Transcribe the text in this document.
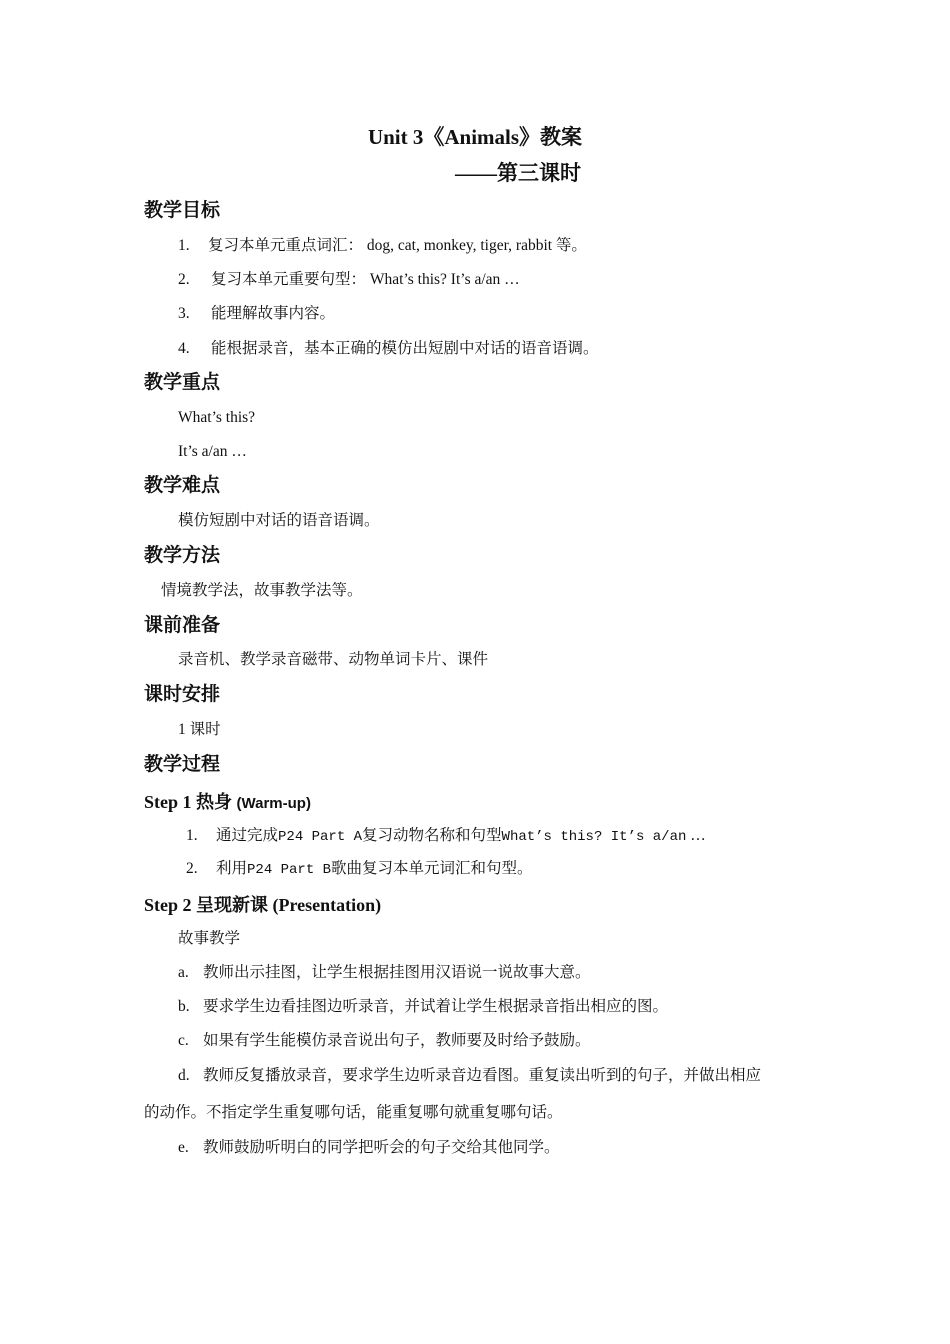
Unit 3《Animals》教案
——第三课时
教学目标
1. 复习本单元重点词汇： dog, cat, monkey, tiger, rabbit 等。
2. 复习本单元重要句型： What’s this? It’s a/an …
3. 能理解故事内容。
4. 能根据录音，基本正确的模仿出短剧中对话的语音语调。
教学重点
What’s this?
It’s a/an …
教学难点
模仿短剧中对话的语音语调。
教学方法
情境教学法，故事教学法等。
课前准备
录音机、教学录音磁带、动物单词卡片、课件
课时安排
1 课时
教学过程
Step 1 热身 (Warm-up)
1. 通过完成P24 Part A复习动物名称和句型What’s this? It’s a/an …
2. 利用P24 Part B歌曲复习本单元词汇和句型。
Step 2 呈现新课 (Presentation)
故事教学
a. 教师出示挂图，让学生根据挂图用汉语说一说故事大意。
b. 要求学生边看挂图边听录音，并试着让学生根据录音指出相应的图。
c. 如果有学生能模仿录音说出句子，教师要及时给予鼓励。
d. 教师反复播放录音，要求学生边听录音边看图。重复读出听到的句子，并做出相应
的动作。不指定学生重复哪句话，能重复哪句就重复哪句话。
e. 教师鼓励听明白的同学把听会的句子交给其他同学。
